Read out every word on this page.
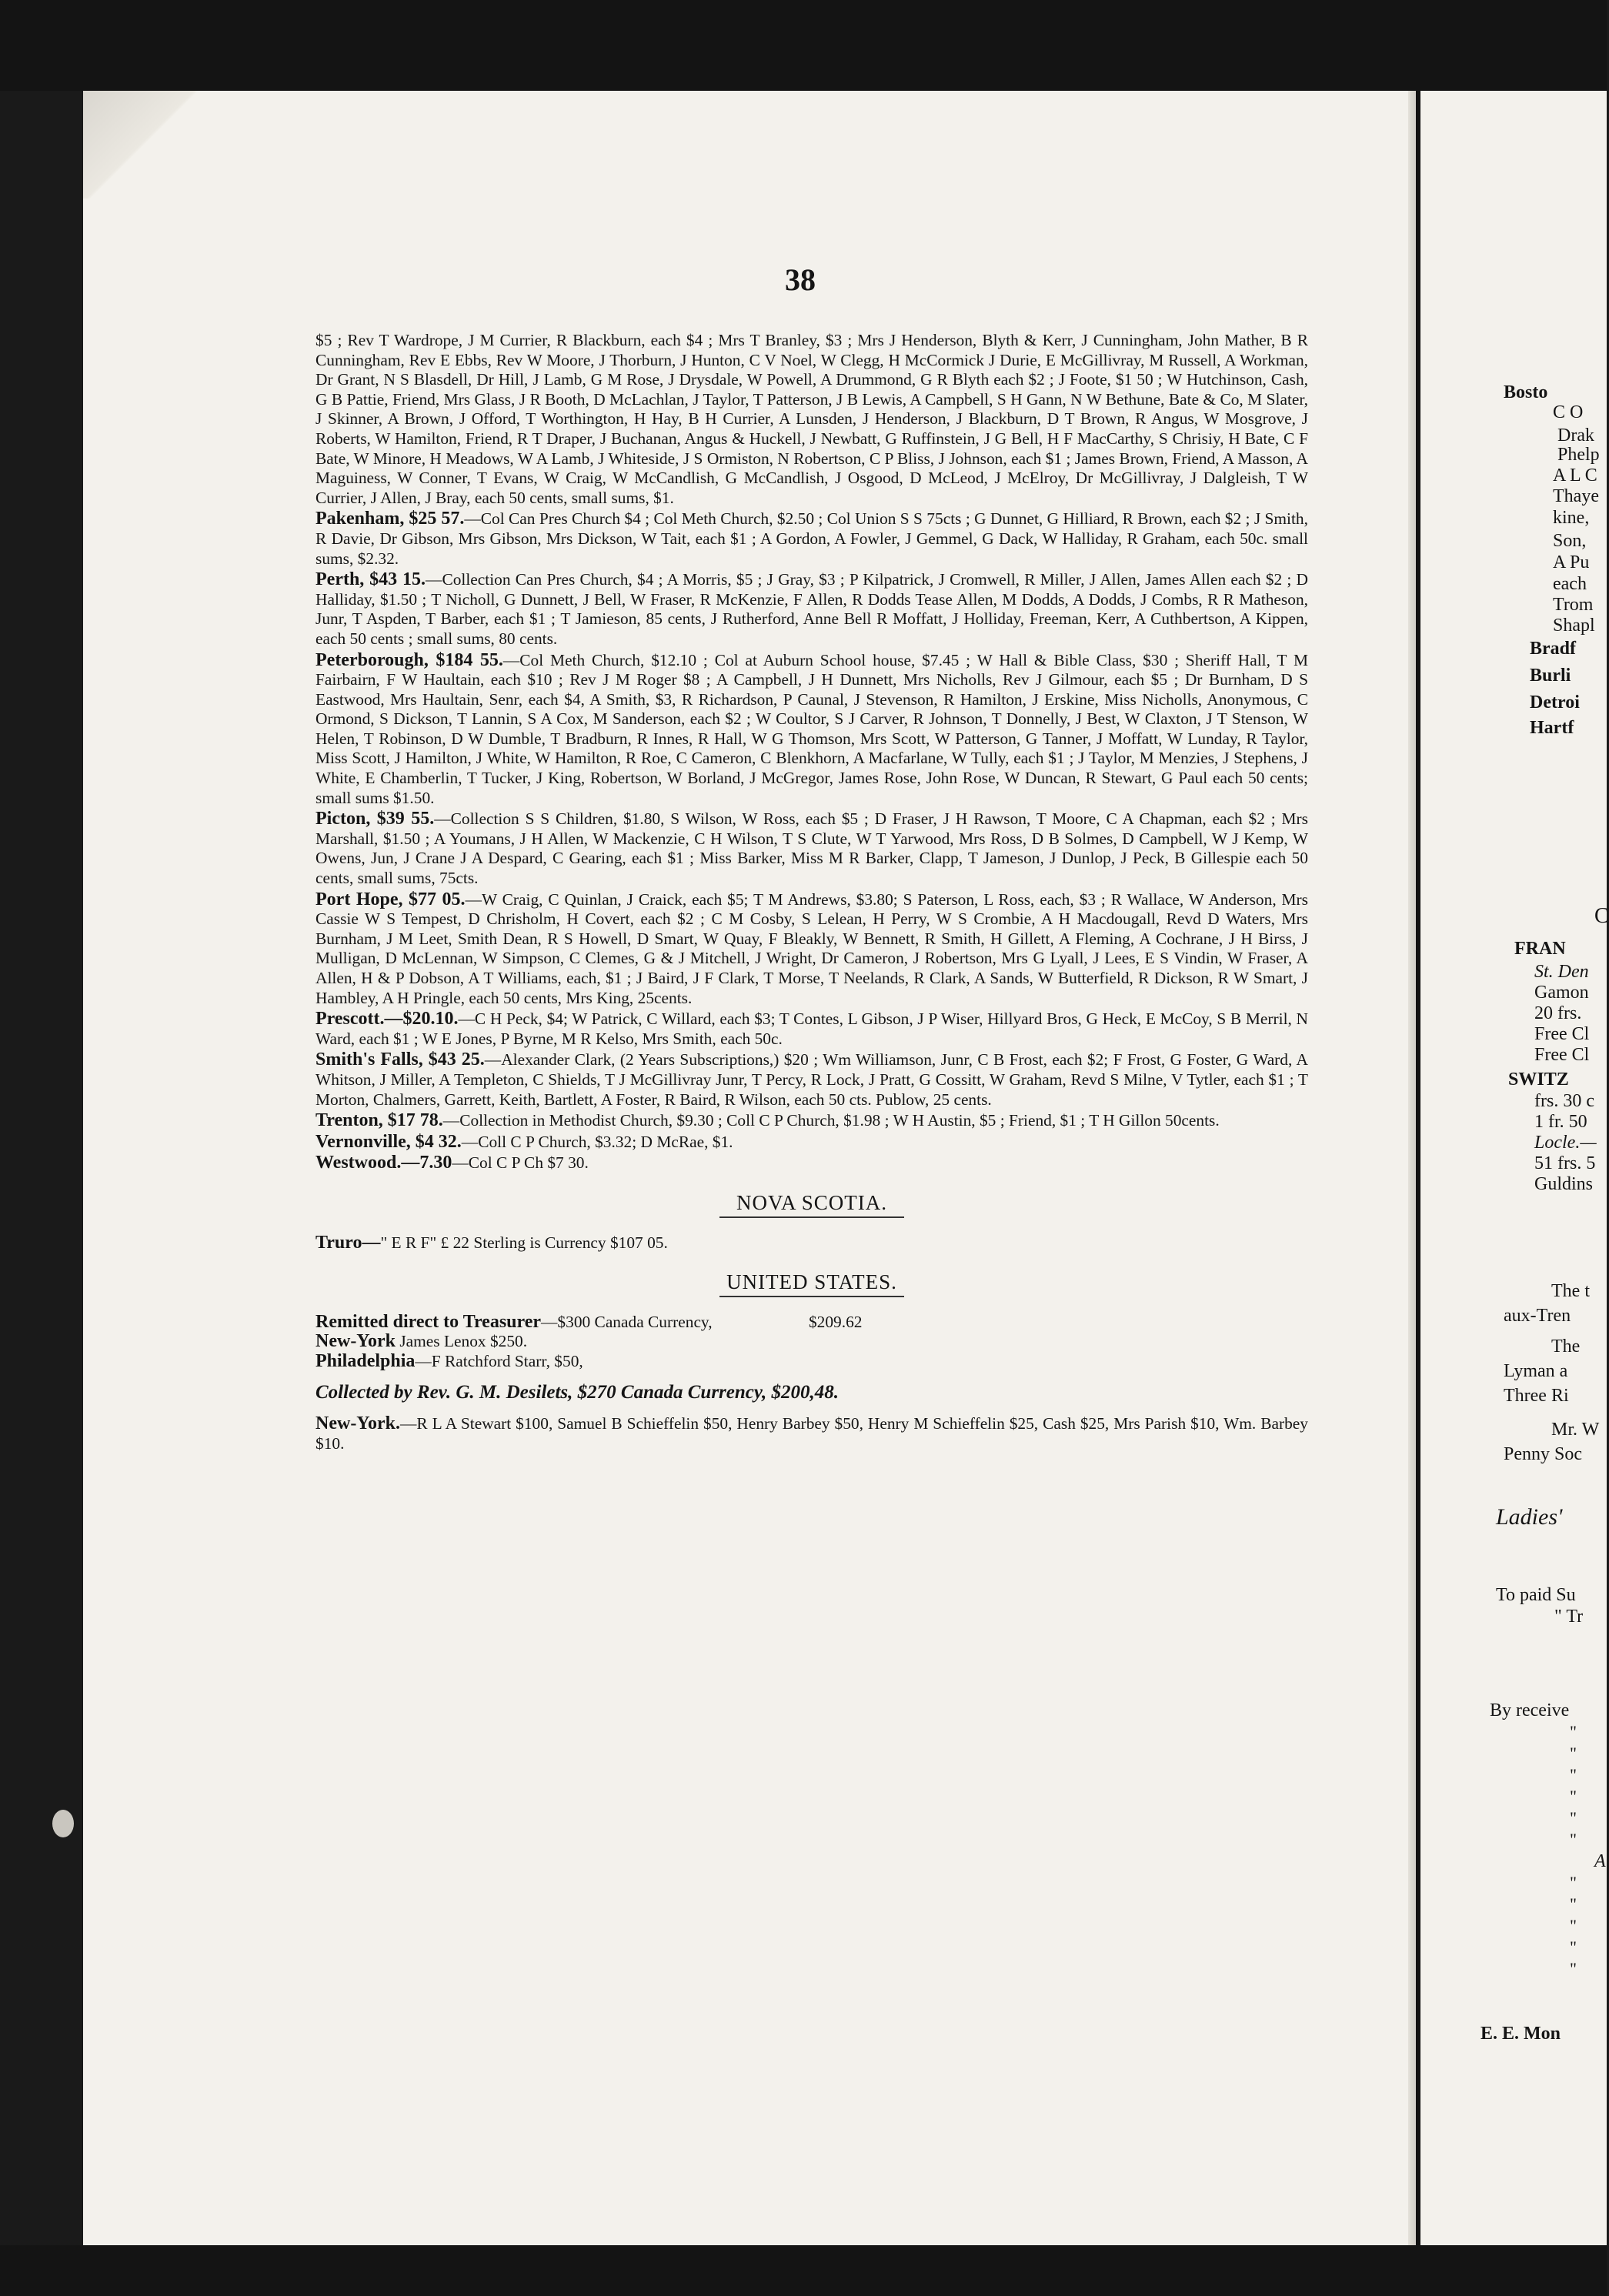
38

$5 ; Rev T Wardrope, J M Currier, R Blackburn, each $4 ; Mrs T Branley, $3 ; Mrs J Henderson, Blyth & Kerr, J Cunningham, John Mather, B R Cunningham, Rev E Ebbs, Rev W Moore, J Thorburn, J Hunton, C V Noel, W Clegg, H McCormick J Durie, E McGillivray, M Russell, A Workman, Dr Grant, N S Blasdell, Dr Hill, J Lamb, G M Rose, J Drysdale, W Powell, A Drummond, G R Blyth each $2 ; J Foote, $1 50 ; W Hutchinson, Cash, G B Pattie, Friend, Mrs Glass, J R Booth, D McLachlan, J Taylor, T Patterson, J B Lewis, A Campbell, S H Gann, N W Bethune, Bate & Co, M Slater, J Skinner, A Brown, J Offord, T Worthington, H Hay, B H Currier, A Lunsden, J Henderson, J Blackburn, D T Brown, R Angus, W Mosgrove, J Roberts, W Hamilton, Friend, R T Draper, J Buchanan, Angus & Huckell, J Newbatt, G Ruffinstein, J G Bell, H F MacCarthy, S Chrisiy, H Bate, C F Bate, W Minore, H Meadows, W A Lamb, J Whiteside, J S Ormiston, N Robertson, C P Bliss, J Johnson, each $1 ; James Brown, Friend, A Masson, A Maguiness, W Conner, T Evans, W Craig, W McCandlish, G McCandlish, J Osgood, D McLeod, J McElroy, Dr McGillivray, J Dalgleish, T W Currier, J Allen, J Bray, each 50 cents, small sums, $1.

Pakenham, $25 57.—Col Can Pres Church $4 ; Col Meth Church, $2.50 ; Col Union S S 75cts ; G Dunnet, G Hilliard, R Brown, each $2 ; J Smith, R Davie, Dr Gibson, Mrs Gibson, Mrs Dickson, W Tait, each $1 ; A Gordon, A Fowler, J Gemmel, G Dack, W Halliday, R Graham, each 50c. small sums, $2.32.

Perth, $43 15.—Collection Can Pres Church, $4 ; A Morris, $5 ; J Gray, $3 ; P Kilpatrick, J Cromwell, R Miller, J Allen, James Allen each $2 ; D Halliday, $1.50 ; T Nicholl, G Dunnett, J Bell, W Fraser, R McKenzie, F Allen, R Dodds Tease Allen, M Dodds, A Dodds, J Combs, R R Matheson, Junr, T Aspden, T Barber, each $1 ; T Jamieson, 85 cents, J Rutherford, Anne Bell R Moffatt, J Holliday, Freeman, Kerr, A Cuthbertson, A Kippen, each 50 cents ; small sums, 80 cents.

Peterborough, $184 55.—Col Meth Church, $12.10 ; Col at Auburn School house, $7.45 ; W Hall & Bible Class, $30 ; Sheriff Hall, T M Fairbairn, F W Haultain, each $10 ; Rev J M Roger $8 ; A Campbell, J H Dunnett, Mrs Nicholls, Rev J Gilmour, each $5 ; Dr Burnham, D S Eastwood, Mrs Haultain, Senr, each $4, A Smith, $3, R Richardson, P Caunal, J Stevenson, R Hamilton, J Erskine, Miss Nicholls, Anonymous, C Ormond, S Dickson, T Lannin, S A Cox, M Sanderson, each $2 ; W Coultor, S J Carver, R Johnson, T Donnelly, J Best, W Claxton, J T Stenson, W Helen, T Robinson, D W Dumble, T Bradburn, R Innes, R Hall, W G Thomson, Mrs Scott, W Patterson, G Tanner, J Moffatt, W Lunday, R Taylor, Miss Scott, J Hamilton, J White, W Hamilton, R Roe, C Cameron, C Blenkhorn, A Macfarlane, W Tully, each $1 ; J Taylor, M Menzies, J Stephens, J White, E Chamberlin, T Tucker, J King, Robertson, W Borland, J McGregor, James Rose, John Rose, W Duncan, R Stewart, G Paul each 50 cents; small sums $1.50.

Picton, $39 55.—Collection S S Children, $1.80, S Wilson, W Ross, each $5 ; D Fraser, J H Rawson, T Moore, C A Chapman, each $2 ; Mrs Marshall, $1.50 ; A Youmans, J H Allen, W Mackenzie, C H Wilson, T S Clute, W T Yarwood, Mrs Ross, D B Solmes, D Campbell, W J Kemp, W Owens, Jun, J Crane J A Despard, C Gearing, each $1 ; Miss Barker, Miss M R Barker, Clapp, T Jameson, J Dunlop, J Peck, B Gillespie each 50 cents, small sums, 75cts.

Port Hope, $77 05.—W Craig, C Quinlan, J Craick, each $5; T M Andrews, $3.80; S Paterson, L Ross, each, $3 ; R Wallace, W Anderson, Mrs Cassie W S Tempest, D Chrisholm, H Covert, each $2 ; C M Cosby, S Lelean, H Perry, W S Crombie, A H Macdougall, Revd D Waters, Mrs Burnham, J M Leet, Smith Dean, R S Howell, D Smart, W Quay, F Bleakly, W Bennett, R Smith, H Gillett, A Fleming, A Cochrane, J H Birss, J Mulligan, D McLennan, W Simpson, C Clemes, G & J Mitchell, J Wright, Dr Cameron, J Robertson, Mrs G Lyall, J Lees, E S Vindin, W Fraser, A Allen, H & P Dobson, A T Williams, each, $1 ; J Baird, J F Clark, T Morse, T Neelands, R Clark, A Sands, W Butterfield, R Dickson, R W Smart, J Hambley, A H Pringle, each 50 cents, Mrs King, 25cents.

Prescott.—$20.10.—C H Peck, $4; W Patrick, C Willard, each $3; T Contes, L Gibson, J P Wiser, Hillyard Bros, G Heck, E McCoy, S B Merril, N Ward, each $1 ; W E Jones, P Byrne, M R Kelso, Mrs Smith, each 50c.

Smith's Falls, $43 25.—Alexander Clark, (2 Years Subscriptions,) $20 ; Wm Williamson, Junr, C B Frost, each $2; F Frost, G Foster, G Ward, A Whitson, J Miller, A Templeton, C Shields, T J McGillivray Junr, T Percy, R Lock, J Pratt, G Cossitt, W Graham, Revd S Milne, V Tytler, each $1 ; T Morton, Chalmers, Garrett, Keith, Bartlett, A Foster, R Baird, R Wilson, each 50 cts. Publow, 25 cents.

Trenton, $17 78.—Collection in Methodist Church, $9.30 ; Coll C P Church, $1.98 ; W H Austin, $5 ; Friend, $1 ; T H Gillon 50cents.

Vernonville, $4 32.—Coll C P Church, $3.32; D McRae, $1.

Westwood.—7.30—Col C P Ch $7 30.

NOVA SCOTIA.

Truro—" E R F" £ 22 Sterling is Currency $107 05.

UNITED STATES.

Remitted direct to Treasurer—$300 Canada Currency,	$209.62

New-York James Lenox $250.

Philadelphia—F Ratchford Starr, $50,

Collected by Rev. G. M. Desilets, $270 Canada Currency, $200,48.

New-York.—R L A Stewart $100, Samuel B Schieffelin $50, Henry Barbey $50, Henry M Schieffelin $25, Cash $25, Mrs Parish $10, Wm. Barbey $10.

Bosto
C O
Drak
Phelp
A L C
Thaye
kine,
Son,
A Pu
each
Trom
Shapl
Bradf
Burli
Detroi
Hartf
C
FRAN
St. Den
Gamon
20 frs.
Free Cl
Free Cl
SWITZ
frs. 30 c
1 fr. 50
Locle.—
51 frs. 5
Guldins
The t
aux-Tren
The
Lyman a
Three Ri
Mr. W
Penny Soc
Ladies'
To paid Su
" Tr
By receive
"
"
"
"
"
"
A
"
"
"
"
"
E. E. Mon
